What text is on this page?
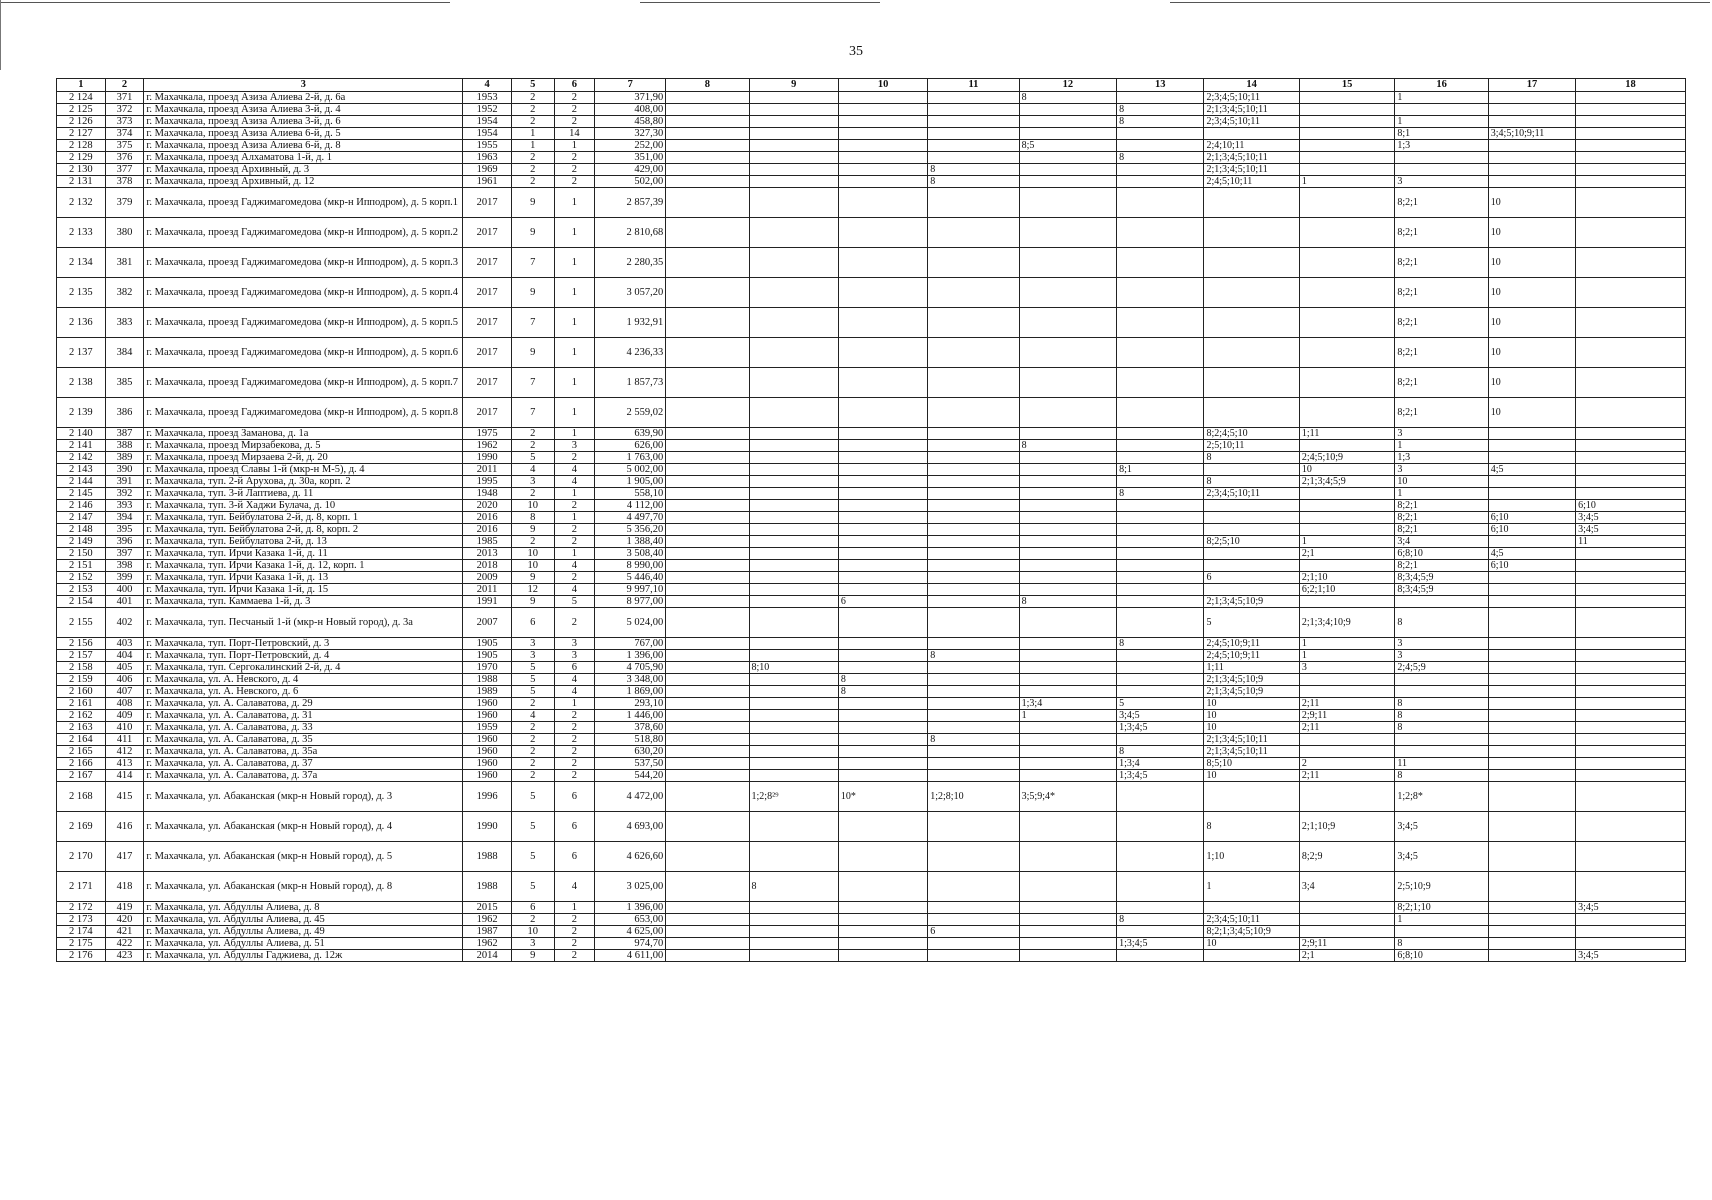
35
1	2	3	4	5	6	7	8	9	10	11	12	13	14	15	16	17	18
2 124	371	г. Махачкала, проезд Азиза Алиева 2-й, д. 6а	1953	2	2	371,90					8		2;3;4;5;10;11		1		
2 125	372	г. Махачкала, проезд Азиза Алиева 3-й, д. 4	1952	2	2	408,00						8	2;1;3;4;5;10;11				
2 126	373	г. Махачкала, проезд Азиза Алиева 3-й, д. 6	1954	2	2	458,80						8	2;3;4;5;10;11		1		
2 127	374	г. Махачкала, проезд Азиза Алиева 6-й, д. 5	1954	1	14	327,30									8;1	3;4;5;10;9;11	
2 128	375	г. Махачкала, проезд Азиза Алиева 6-й, д. 8	1955	1	1	252,00					8;5		2;4;10;11		1;3		
2 129	376	г. Махачкала, проезд Алхаматова 1-й, д. 1	1963	2	2	351,00						8	2;1;3;4;5;10;11				
2 130	377	г. Махачкала, проезд Архивный, д. 3	1969	2	2	429,00				8			2;1;3;4;5;10;11				
2 131	378	г. Махачкала, проезд Архивный, д. 12	1961	2	2	502,00				8			2;4;5;10;11	1	3		
2 132	379	г. Махачкала, проезд Гаджимагомедова (мкр-н Ипподром), д. 5 корп.1	2017	9	1	2 857,39									8;2;1	10	
2 133	380	г. Махачкала, проезд Гаджимагомедова (мкр-н Ипподром), д. 5 корп.2	2017	9	1	2 810,68									8;2;1	10	
2 134	381	г. Махачкала, проезд Гаджимагомедова (мкр-н Ипподром), д. 5 корп.3	2017	7	1	2 280,35									8;2;1	10	
2 135	382	г. Махачкала, проезд Гаджимагомедова (мкр-н Ипподром), д. 5 корп.4	2017	9	1	3 057,20									8;2;1	10	
2 136	383	г. Махачкала, проезд Гаджимагомедова (мкр-н Ипподром), д. 5 корп.5	2017	7	1	1 932,91									8;2;1	10	
2 137	384	г. Махачкала, проезд Гаджимагомедова (мкр-н Ипподром), д. 5 корп.6	2017	9	1	4 236,33									8;2;1	10	
2 138	385	г. Махачкала, проезд Гаджимагомедова (мкр-н Ипподром), д. 5 корп.7	2017	7	1	1 857,73									8;2;1	10	
2 139	386	г. Махачкала, проезд Гаджимагомедова (мкр-н Ипподром), д. 5 корп.8	2017	7	1	2 559,02									8;2;1	10	
2 140	387	г. Махачкала, проезд Заманова, д. 1а	1975	2	1	639,90							8;2;4;5;10	1;11	3		
2 141	388	г. Махачкала, проезд Мирзабекова, д. 5	1962	2	3	626,00					8		2;5;10;11		1		
2 142	389	г. Махачкала, проезд Мирзаева 2-й, д. 20	1990	5	2	1 763,00							8	2;4;5;10;9	1;3		
2 143	390	г. Махачкала, проезд Славы 1-й (мкр-н М-5), д. 4	2011	4	4	5 002,00						8;1		10	3	4;5	
2 144	391	г. Махачкала, туп. 2-й Арухова, д. 30а, корп. 2	1995	3	4	1 905,00							8	2;1;3;4;5;9	10		
2 145	392	г. Махачкала, туп. 3-й Лаптиева, д. 11	1948	2	1	558,10						8	2;3;4;5;10;11		1		
2 146	393	г. Махачкала, туп. 3-й Хаджи Булача, д. 10	2020	10	2	4 112,00									8;2;1		6;10
2 147	394	г. Махачкала, туп. Бейбулатова 2-й, д. 8, корп. 1	2016	8	1	4 497,70									8;2;1	6;10	3;4;5
2 148	395	г. Махачкала, туп. Бейбулатова 2-й, д. 8, корп. 2	2016	9	2	5 356,20									8;2;1	6;10	3;4;5
2 149	396	г. Махачкала, туп. Бейбулатова 2-й, д. 13	1985	2	2	1 388,40							8;2;5;10	1	3;4		11
2 150	397	г. Махачкала, туп. Ирчи Казака 1-й, д. 11	2013	10	1	3 508,40								2;1	6;8;10	4;5	
2 151	398	г. Махачкала, туп. Ирчи Казака 1-й, д. 12, корп. 1	2018	10	4	8 990,00									8;2;1	6;10	
2 152	399	г. Махачкала, туп. Ирчи Казака 1-й, д. 13	2009	9	2	5 446,40							6	2;1;10	8;3;4;5;9		
2 153	400	г. Махачкала, туп. Ирчи Казака 1-й, д. 15	2011	12	4	9 997,10								6;2;1;10	8;3;4;5;9		
2 154	401	г. Махачкала, туп. Каммаева 1-й, д. 3	1991	9	5	8 977,00			6		8		2;1;3;4;5;10;9				
2 155	402	г. Махачкала, туп. Песчаный 1-й (мкр-н Новый город), д. 3а	2007	6	2	5 024,00							5	2;1;3;4;10;9	8		
2 156	403	г. Махачкала, туп. Порт-Петровский, д. 3	1905	3	3	767,00						8	2;4;5;10;9;11	1	3		
2 157	404	г. Махачкала, туп. Порт-Петровский, д. 4	1905	3	3	1 396,00				8			2;4;5;10;9;11	1	3		
2 158	405	г. Махачкала, туп. Сергокалинский 2-й, д. 4	1970	5	6	4 705,90		8;10					1;11	3	2;4;5;9		
2 159	406	г. Махачкала, ул. А. Невского, д. 4	1988	5	4	3 348,00			8				2;1;3;4;5;10;9				
2 160	407	г. Махачкала, ул. А. Невского, д. 6	1989	5	4	1 869,00			8				2;1;3;4;5;10;9				
2 161	408	г. Махачкала, ул. А. Салаватова, д. 29	1960	2	1	293,10					1;3;4	5	10	2;11	8		
2 162	409	г. Махачкала, ул. А. Салаватова, д. 31	1960	4	2	1 446,00					1	3;4;5	10	2;9;11	8		
2 163	410	г. Махачкала, ул. А. Салаватова, д. 33	1959	2	2	378,60						1;3;4;5	10	2;11	8		
2 164	411	г. Махачкала, ул. А. Салаватова, д. 35	1960	2	2	518,80				8			2;1;3;4;5;10;11				
2 165	412	г. Махачкала, ул. А. Салаватова, д. 35а	1960	2	2	630,20						8	2;1;3;4;5;10;11				
2 166	413	г. Махачкала, ул. А. Салаватова, д. 37	1960	2	2	537,50						1;3;4	8;5;10	2	11		
2 167	414	г. Махачкала, ул. А. Салаватова, д. 37а	1960	2	2	544,20						1;3;4;5	10	2;11	8		
2 168	415	г. Махачкала, ул. Абаканская (мкр-н Новый город), д. 3	1996	5	6	4 472,00		1;2;8²⁹	10*	1;2;8;10	3;5;9;4*				1;2;8*		
2 169	416	г. Махачкала, ул. Абаканская (мкр-н Новый город), д. 4	1990	5	6	4 693,00							8	2;1;10;9	3;4;5		
2 170	417	г. Махачкала, ул. Абаканская (мкр-н Новый город), д. 5	1988	5	6	4 626,60							1;10	8;2;9	3;4;5		
2 171	418	г. Махачкала, ул. Абаканская (мкр-н Новый город), д. 8	1988	5	4	3 025,00		8					1	3;4	2;5;10;9		
2 172	419	г. Махачкала, ул. Абдуллы Алиева, д. 8	2015	6	1	1 396,00									8;2;1;10		3;4;5
2 173	420	г. Махачкала, ул. Абдуллы Алиева, д. 45	1962	2	2	653,00						8	2;3;4;5;10;11		1		
2 174	421	г. Махачкала, ул. Абдуллы Алиева, д. 49	1987	10	2	4 625,00				6			8;2;1;3;4;5;10;9				
2 175	422	г. Махачкала, ул. Абдуллы Алиева, д. 51	1962	3	2	974,70						1;3;4;5	10	2;9;11	8		
2 176	423	г. Махачкала, ул. Абдуллы Гаджиева, д. 12ж	2014	9	2	4 611,00								2;1	6;8;10		3;4;5
